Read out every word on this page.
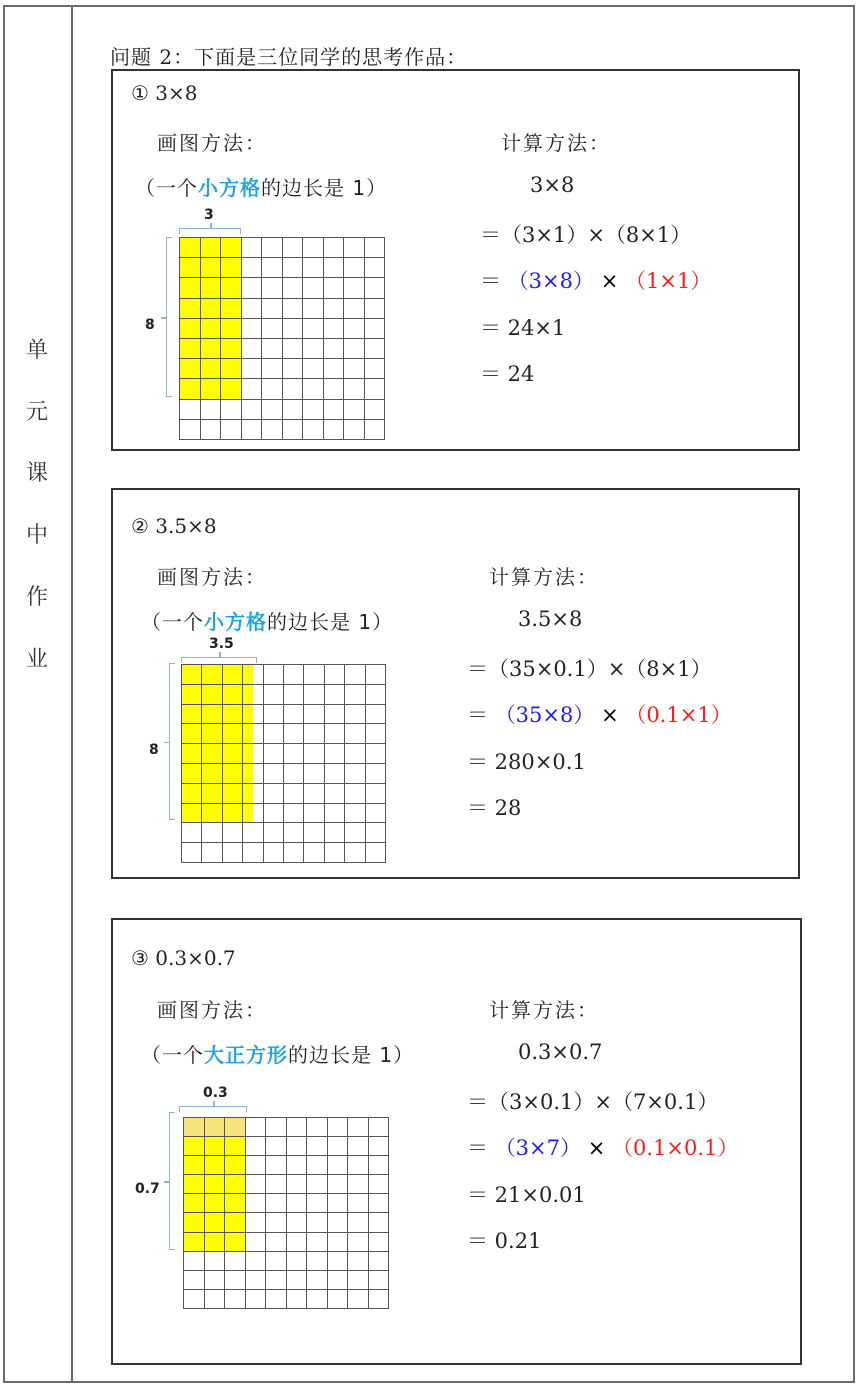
单
元
课
中
作
业
问题 2：下面是三位同学的思考作品：
① 3×8
画图方法：	计算方法：
（一个小方格的边长是 1）
3
8
3×8
＝（3×1）×（8×1）
＝ （3×8） × （1×1）
＝ 24×1
＝ 24
② 3.5×8
画图方法：	计算方法：
（一个小方格的边长是 1）
3.5
8
3.5×8
＝（35×0.1）×（8×1）
＝ （35×8） × （0.1×1）
＝ 280×0.1
＝ 28
③ 0.3×0.7
画图方法：	计算方法：
（一个大正方形的边长是 1）
0.3
0.7
0.3×0.7
＝（3×0.1）×（7×0.1）
＝ （3×7） × （0.1×0.1）
＝ 21×0.01
＝ 0.21
